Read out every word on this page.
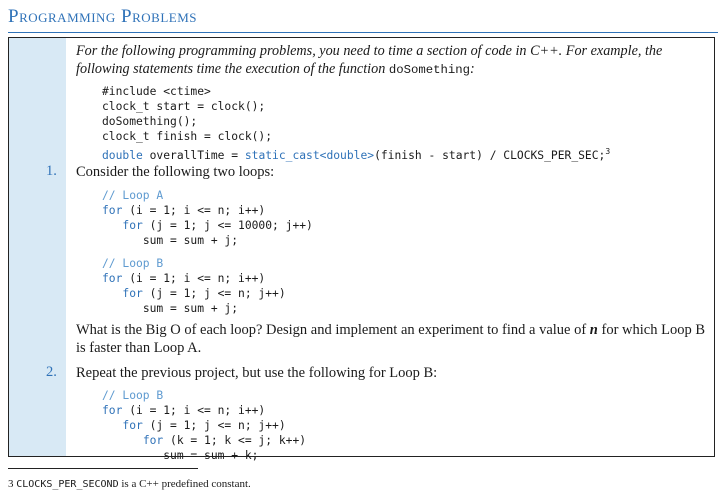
Programming Problems
For the following programming problems, you need to time a section of code in C++. For example, the following statements time the execution of the function doSomething:
#include <ctime>
clock_t start = clock();
doSomething();
clock_t finish = clock();
double overallTime = static_cast<double>(finish - start) / CLOCKS_PER_SEC;$^3$
1. Consider the following two loops:
// Loop A
for (i = 1; i <= n; i++)
for (j = 1; j <= 10000; j++)
sum = sum + j;
// Loop B
for (i = 1; i <= n; i++)
for (j = 1; j <= n; j++)
sum = sum + j;
What is the Big O of each loop? Design and implement an experiment to find a value of n for which Loop B is faster than Loop A.
2. Repeat the previous project, but use the following for Loop B:
// Loop B
for (i = 1; i <= n; i++)
for (j = 1; j <= n; j++)
for (k = 1; k <= j; k++)
sum = sum + k;
3 CLOCKS_PER_SECOND is a C++ predefined constant.
